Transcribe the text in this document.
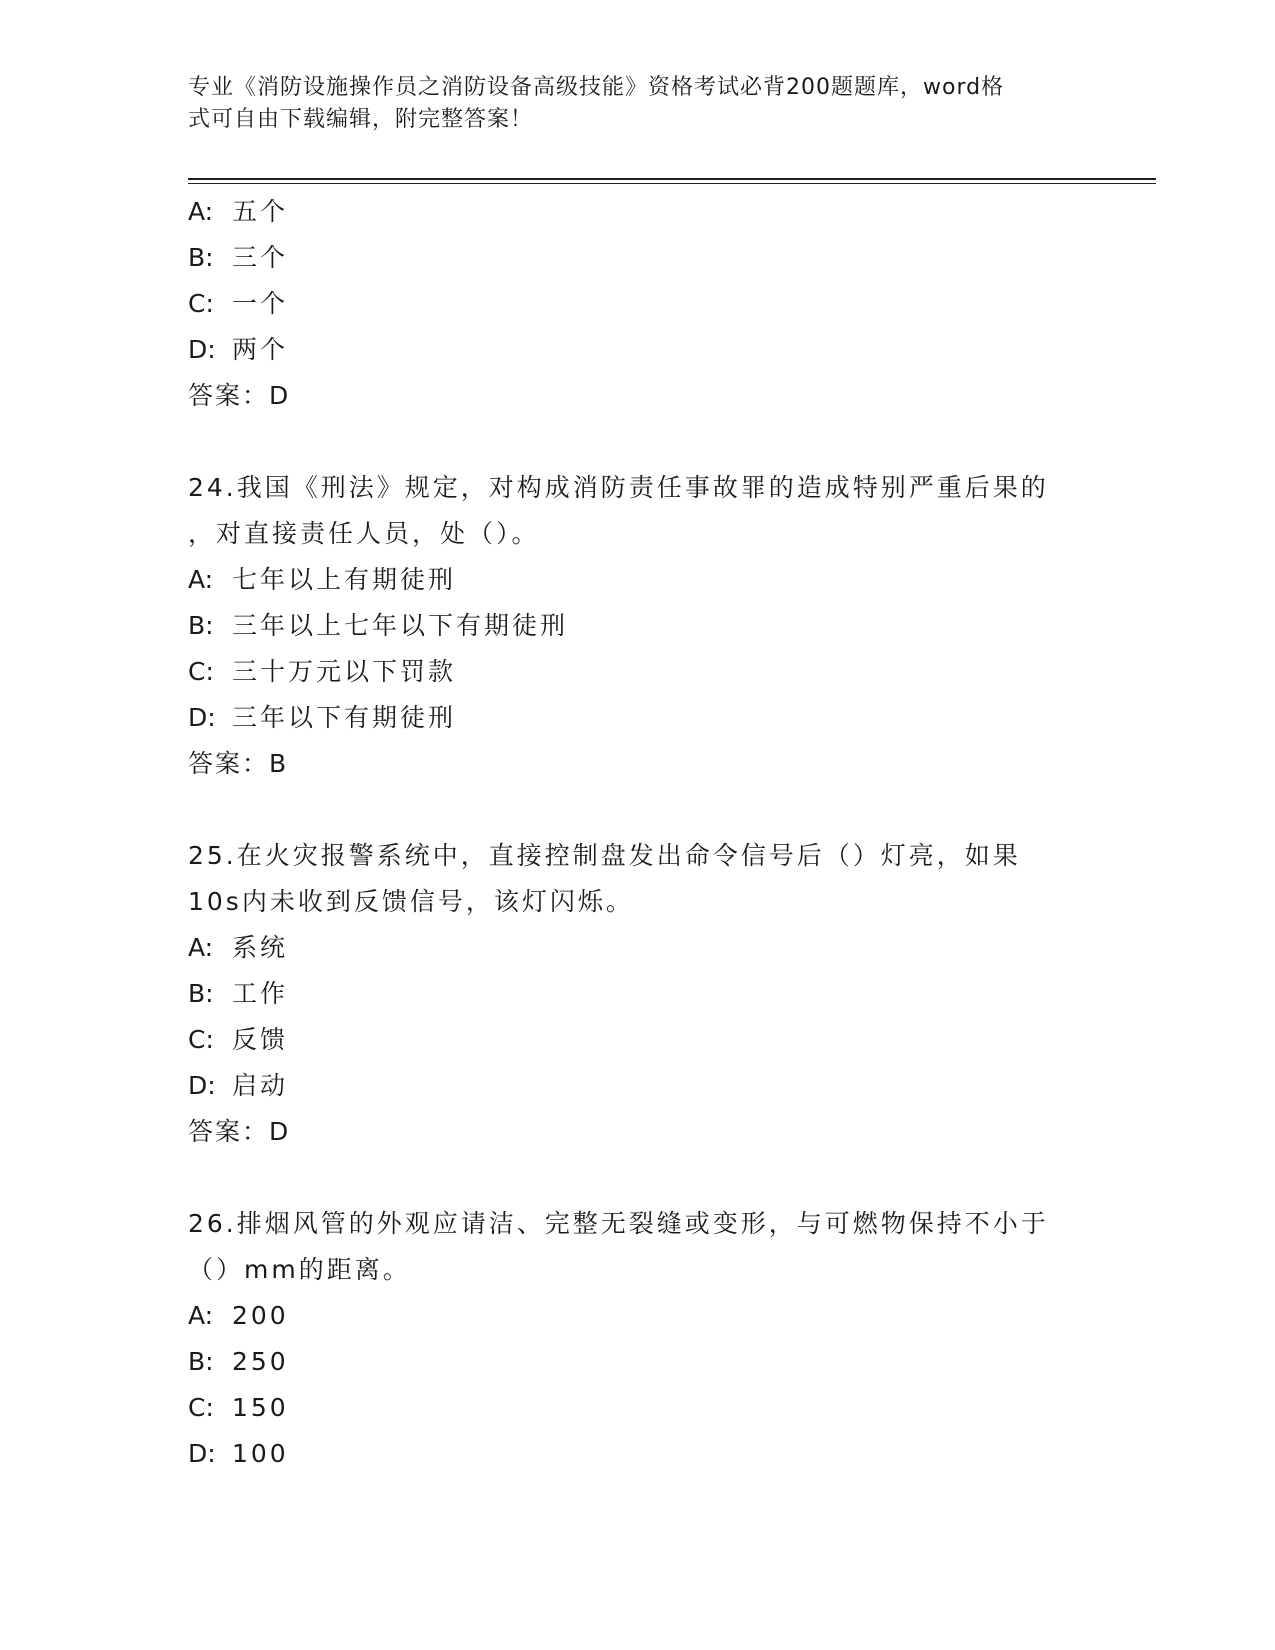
专业《消防设施操作员之消防设备高级技能》资格考试必背200题题库，word格
式可自由下载编辑，附完整答案！
A: 五个
B: 三个
C: 一个
D: 两个
答案：D
24.我国《刑法》规定，对构成消防责任事故罪的造成特别严重后果的
，对直接责任人员，处（）。
A: 七年以上有期徒刑
B: 三年以上七年以下有期徒刑
C: 三十万元以下罚款
D: 三年以下有期徒刑
答案：B
25.在火灾报警系统中，直接控制盘发出命令信号后（）灯亮，如果
10s内未收到反馈信号，该灯闪烁。
A: 系统
B: 工作
C: 反馈
D: 启动
答案：D
26.排烟风管的外观应请洁、完整无裂缝或变形，与可燃物保持不小于
（）mm的距离。
A: 200
B: 250
C: 150
D: 100
